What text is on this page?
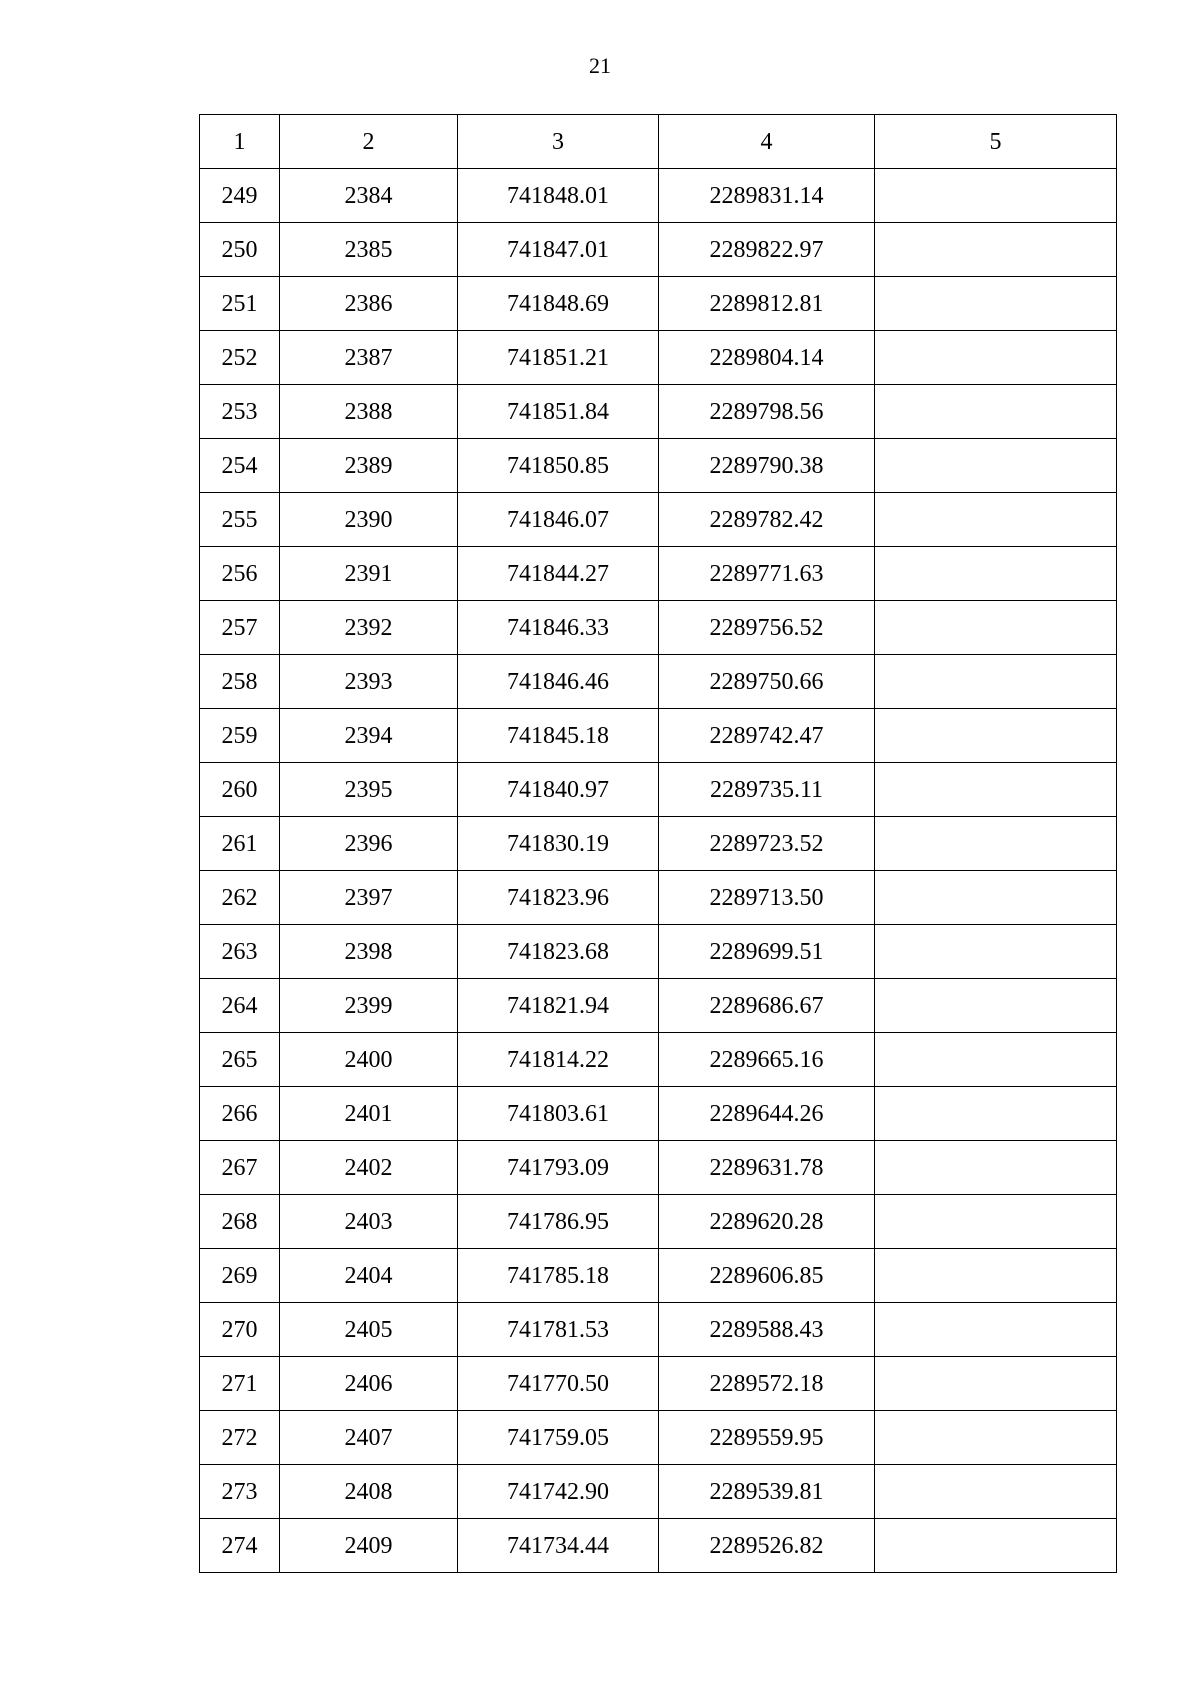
21
1	2	3	4	5
249	2384	741848.01	2289831.14	
250	2385	741847.01	2289822.97	
251	2386	741848.69	2289812.81	
252	2387	741851.21	2289804.14	
253	2388	741851.84	2289798.56	
254	2389	741850.85	2289790.38	
255	2390	741846.07	2289782.42	
256	2391	741844.27	2289771.63	
257	2392	741846.33	2289756.52	
258	2393	741846.46	2289750.66	
259	2394	741845.18	2289742.47	
260	2395	741840.97	2289735.11	
261	2396	741830.19	2289723.52	
262	2397	741823.96	2289713.50	
263	2398	741823.68	2289699.51	
264	2399	741821.94	2289686.67	
265	2400	741814.22	2289665.16	
266	2401	741803.61	2289644.26	
267	2402	741793.09	2289631.78	
268	2403	741786.95	2289620.28	
269	2404	741785.18	2289606.85	
270	2405	741781.53	2289588.43	
271	2406	741770.50	2289572.18	
272	2407	741759.05	2289559.95	
273	2408	741742.90	2289539.81	
274	2409	741734.44	2289526.82	
